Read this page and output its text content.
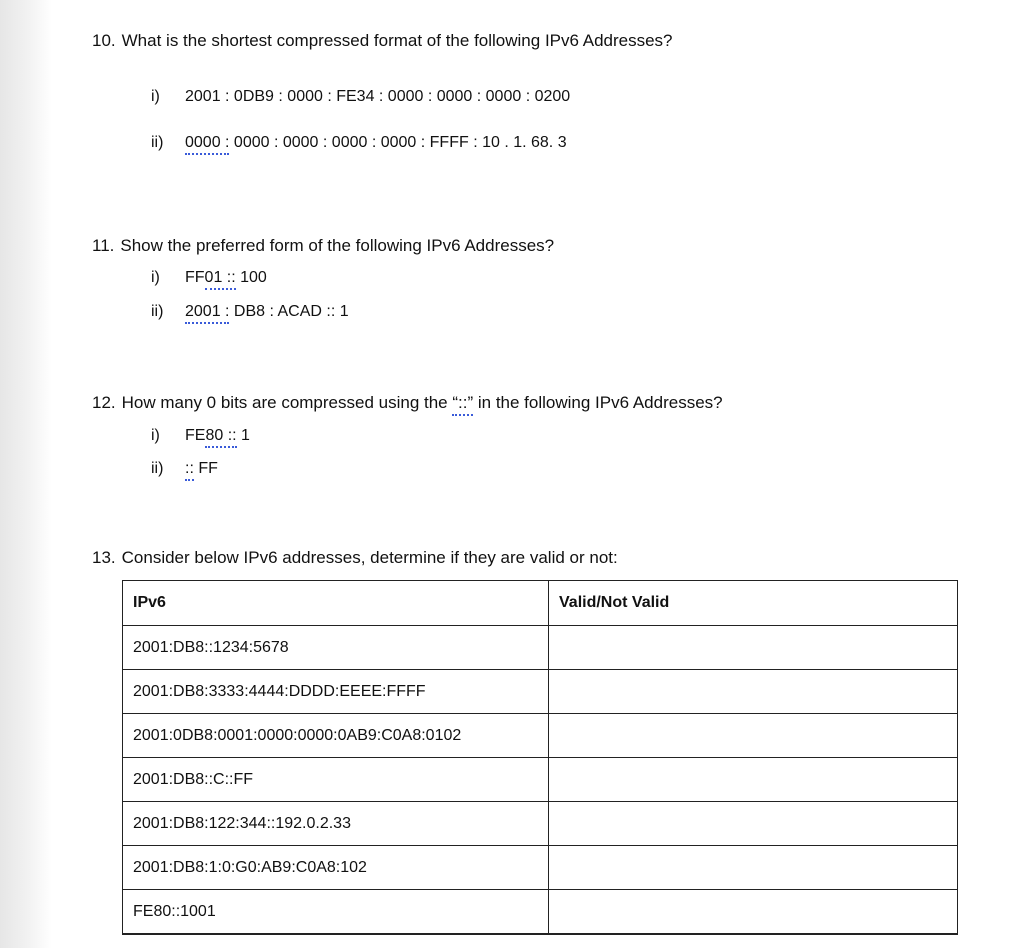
10. What is the shortest compressed format of the following IPv6 Addresses?
i) 2001 : 0DB9 : 0000 : FE34 : 0000 : 0000 : 0000 : 0200
ii) 0000 : 0000 : 0000 : 0000 : 0000 : FFFF : 10 . 1. 68. 3
11. Show the preferred form of the following IPv6 Addresses?
i) FF01 :: 100
ii) 2001 : DB8 : ACAD :: 1
12. How many 0 bits are compressed using the “::” in the following IPv6 Addresses?
i) FE80 :: 1
ii) :: FF
13. Consider below IPv6 addresses, determine if they are valid or not:
IPv6	Valid/Not Valid
2001:DB8::1234:5678	
2001:DB8:3333:4444:DDDD:EEEE:FFFF	
2001:0DB8:0001:0000:0000:0AB9:C0A8:0102	
2001:DB8::C::FF	
2001:DB8:122:344::192.0.2.33	
2001:DB8:1:0:G0:AB9:C0A8:102	
FE80::1001	
